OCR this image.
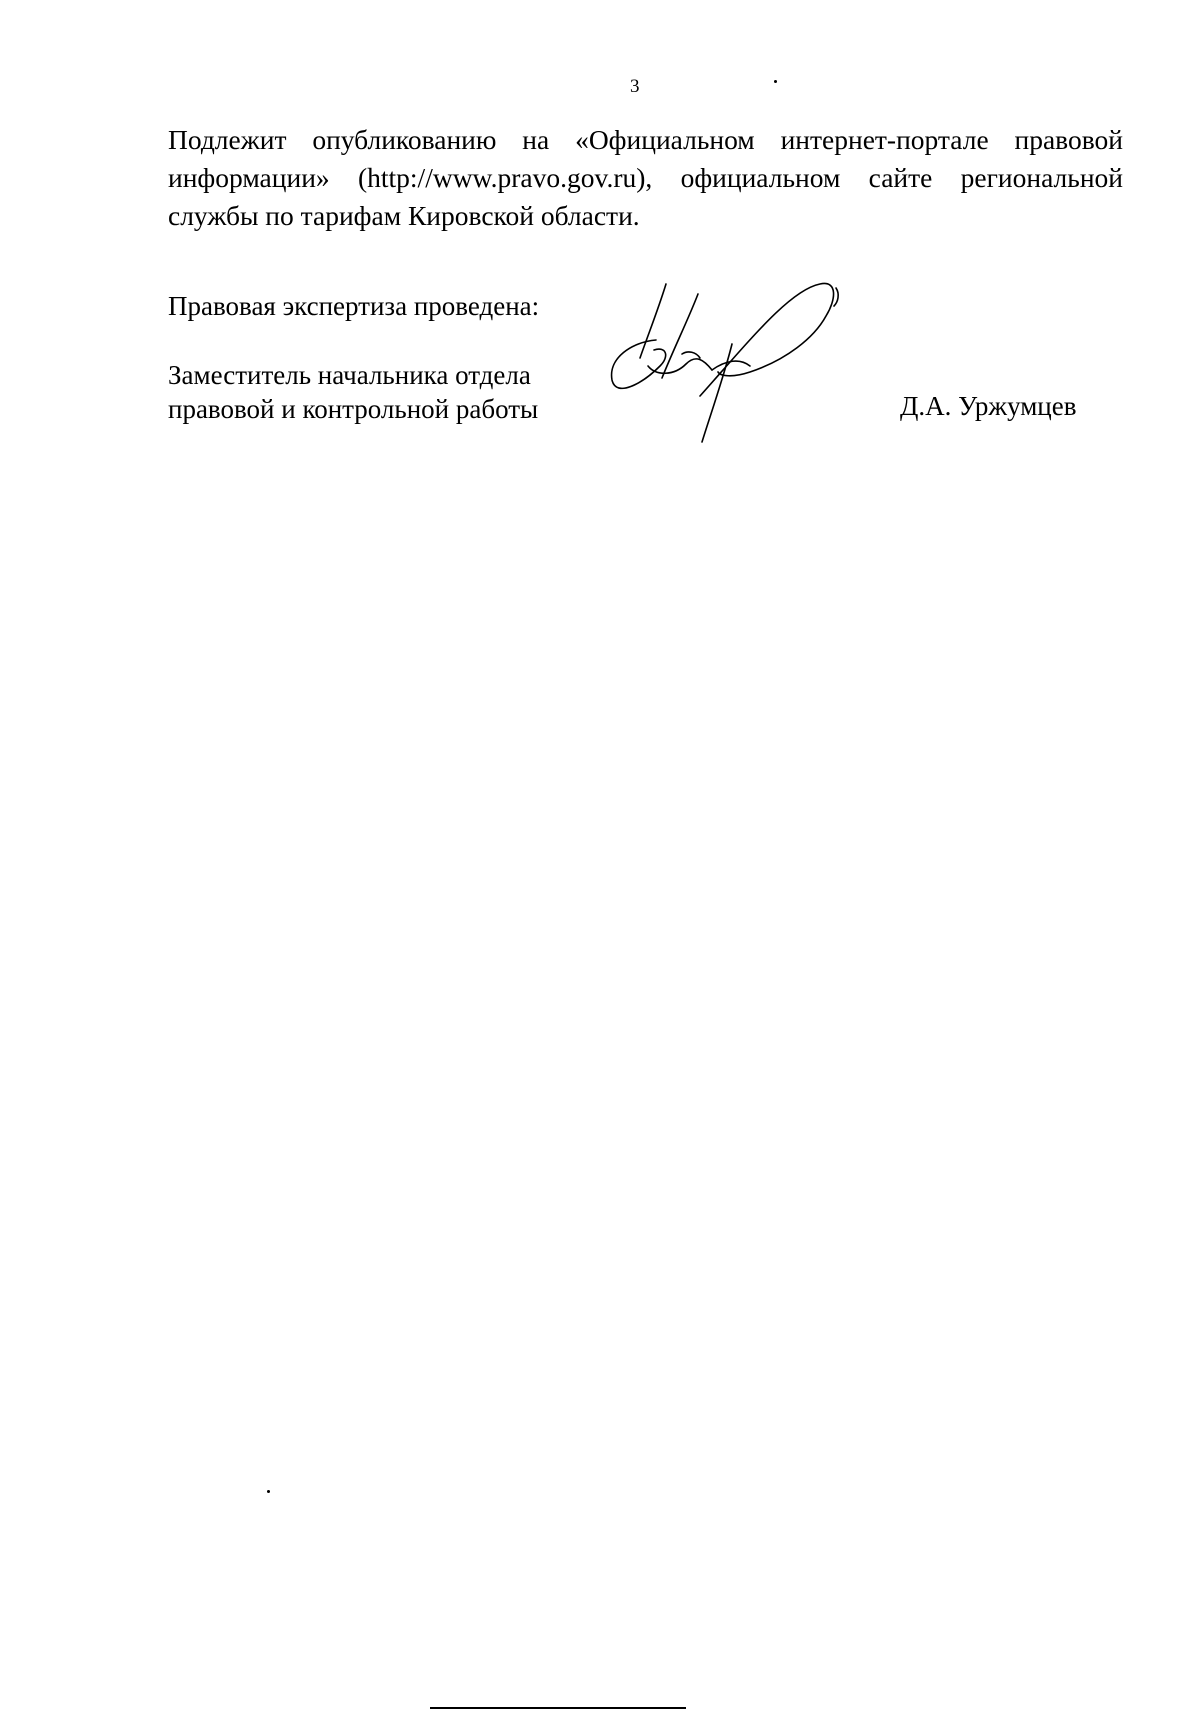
3

Подлежит опубликованию на «Официальном интернет-портале правовой информации» (http://www.pravo.gov.ru), официальном сайте региональной службы по тарифам Кировской области.

Правовая экспертиза проведена:

Заместитель начальника отдела
правовой и контрольной работы	Д.А. Уржумцев
